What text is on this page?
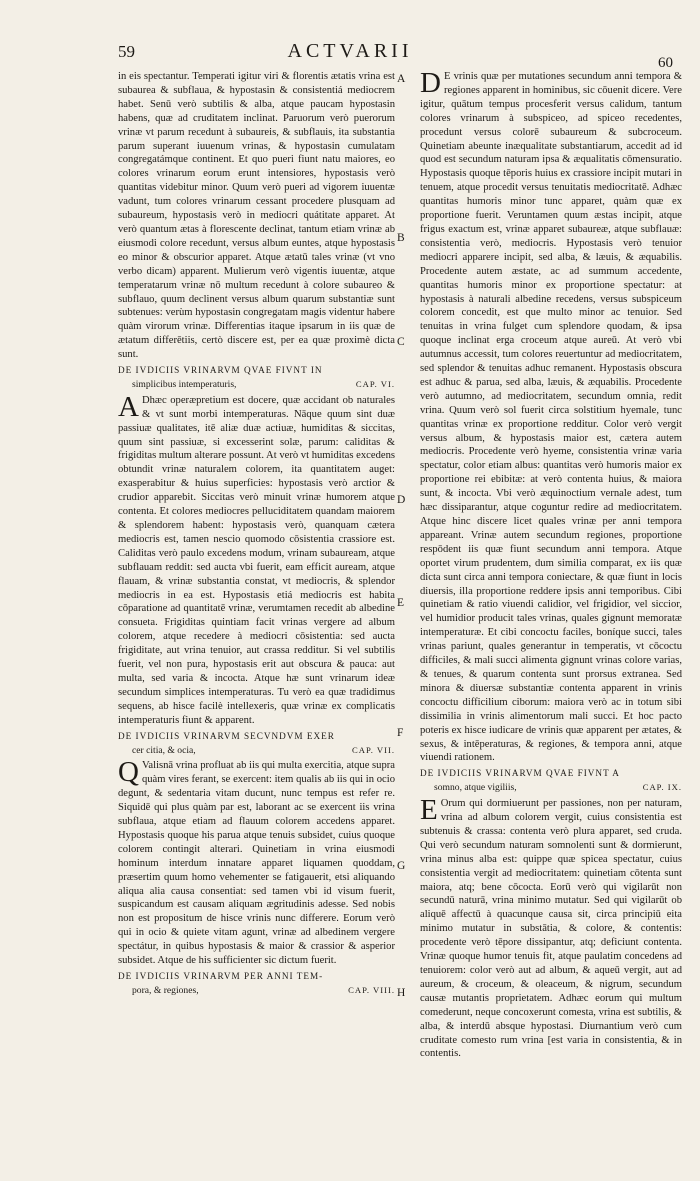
59	ACTVARII
60
A
B
C
D
E
F
G
H

in eis spectantur. Temperati igitur viri & florentis ætatis vrina est subaurea & subflaua, & hypostasin & consistentiá mediocrem habet. Senū verò subtilis & alba, atque paucam hypostasin habens, quæ ad cruditatem inclinat. Paruorum verò puerorum vrinæ vt parum recedunt à subaureis, & subflauis, ita substantia parum superant iuuenum vrinas, & hypostasin cumulatam congregatámque continent. Et quo pueri fiunt natu maiores, eo colores vrinarum eorum erunt intensiores, hypostasis verò quantitas videbitur minor. Quum verò pueri ad vigorem iuuentæ vadunt, tum colores vrinarum cessant procedere plusquam ad subaureum, hypostasis verò in mediocri quátitate apparet. At verò quantum ætas à florescente declinat, tantum etiam vrinæ ab eiusmodi colore recedunt, versus album euntes, atque hypostasis eo minor & obscurior apparet. Atque ætatū tales vrinæ (vt vno verbo dicam) apparent. Mulierum verò vigentis iuuentæ, atque temperatarum vrinæ nō multum recedunt à colore subaureo & subflauo, quum declinent versus album quarum substantiæ sunt subtenues: verùm hypostasin congregatam magis videntur habere quàm virorum vrinæ. Differentias itaque ipsarum in iis quæ de ætatum differētiis, certò discere est, per ea quæ proximè dicta sunt.

DE IVDICIIS VRINARVM QVAE FIVNT IN
simplicibus intemperaturis,	CAP. VI.

A Dhæc operæpretium est docere, quæ accidant ob naturales & vt sunt morbi intemperaturas. Nāque quum sint duæ passiuæ qualitates, itē aliæ duæ actiuæ, humiditas & siccitas, quum sint passiuæ, si excesserint solæ, parum: caliditas & frigiditas multum alterare possunt. At verò vt humiditas excedens obtundit vrinæ naturalem colorem, ita quantitatem auget: exasperabitur & huius superficies: hypostasis verò arctior & crudior apparebit. Siccitas verò minuit vrinæ humorem atque contenta. Et colores mediocres pelluciditatem quandam maiorem & splendorem habent: hypostasis verò, quanquam cætera mediocris est, tamen nescio quomodo cōsistentia crassiore est. Caliditas verò paulo excedens modum, vrinam subauream, atque subflauam reddit: sed aucta vbi fuerit, eam efficit auream, atque flauam, & vrinæ substantia constat, vt mediocris, & splendor mediocris in ea est. Hypostasis etiá mediocris est habita cōparatione ad quantitatē vrinæ, verumtamen recedit ab albedine consueta. Frigiditas quintiam facit vrinas vergere ad album colorem, atque recedere à mediocri cōsistentia: sed aucta frigiditate, aut vrina tenuior, aut crassa redditur. Si vel subtilis fuerit, vel non pura, hypostasis erit aut obscura & pauca: aut multa, sed varia & incocta. Atque hæ sunt vrinarum ideæ secundum simplices intemperaturas. Tu verò ea quæ tradidimus sequens, ab hisce facilè intellexeris, quæ vrinæ ex complicatis intemperaturis fiunt & apparent.

DE IVDICIIS VRINARVM SECVNDVM EXER
cer citia, & ocia,	CAP. VII.

Q Valisnā vrina profluat ab iis qui multa exercitia, atque supra quàm vires ferant, se exercent: item qualis ab iis qui in ocio degunt, & sedentaria vitam ducunt, nunc tempus est refer re. Siquidē qui plus quàm par est, laborant ac se exercent iis vrina subflaua, atque etiam ad flauum colorem accedens apparet. Hypostasis quoque his parua atque tenuis subsidet, cuius quoque colorem contingit alterari. Quinetiam in vrina eiusmodi hominum interdum innatare apparet liquamen quoddam, præsertim quum homo vehementer se fatigauerit, etsi aliquando aliqua alia causa consentiat: sed tamen vbi id visum fuerit, suspicandum est causam aliquam ægritudinis adesse. Sed nobis non est propositum de hisce vrinis nunc differere. Eorum verò qui in ocio & quiete vitam agunt, vrinæ ad albedinem vergere spectátur, in quibus hypostasis & maior & crassior & asperior subsidet. Atque de his sufficienter sic dictum fuerit.

DE IVDICIIS VRINARVM PER ANNI TEM-
pora, & regiones,	CAP. VIII.

D E vrinis quæ per mutationes secundum anni tempora & regiones apparent in hominibus, sic cōuenit dicere. Vere igitur, quātum tempus procesferit versus calidum, tantum colores vrinarum à subspiceo, ad spiceo recedentes, procedunt versus colorē subaureum & subcroceum. Quinetiam abeunte inæqualitate substantiarum, accedit ad id quod est secundum naturam ipsa & æqualitatis cōmensuratio. Hypostasis quoque tēporis huius ex crassiore incipit mutari in tenuem, atque procedit versus tenuitatis mediocritatē. Adhæc quantitas humoris minor tunc apparet, quàm quæ ex proportione fuerit. Veruntamen quum æstas incipit, atque frigus exactum est, vrinæ apparet subaureæ, atque subflauæ: consistentia verò, mediocris. Hypostasis verò tenuior mediocri apparere incipit, sed alba, & læuis, & æquabilis. Procedente autem æstate, ac ad summum accedente, quantitas humoris minor ex proportione spectatur: at hypostasis à naturali albedine recedens, versus subspiceum colorem concedit, est que multo minor ac tenuior. Sed tenuitas in vrina fulget cum splendore quodam, & ipsa quoque inclinat erga croceum atque aureū. At verò vbi autumnus accessit, tum colores reuertuntur ad mediocritatem, sed splendor & tenuitas adhuc remanent. Hypostasis obscura est adhuc & parua, sed alba, læuis, & æquabilis. Procedente verò autumno, ad mediocritatem, secundum omnia, redit vrina. Quum verò sol fuerit circa solstitium hyemale, tunc quantitas vrinæ ex proportione redditur. Color verò vergit versus album, & hypostasis maior est, cætera autem mediocris. Procedente verò hyeme, consistentia vrinæ varia spectatur, color etiam albus: quantitas verò humoris maior ex proportione rei ebibitæ: at verò contenta huius, & maiora sunt, & incocta. Vbi verò æquinoctium vernale adest, tum hæc dissiparantur, atque coguntur redire ad mediocritatem. Atque hinc discere licet quales vrinæ per anni tempora appareant. Vrinæ autem secundum regiones, proportione respōdent iis quæ fiunt secundum anni tempora. Atque oportet virum prudentem, dum similia comparat, ex iis quæ dicta sunt circa anni tempora coniectare, & quæ fiunt in locis diuersis, illa proportione reddere ipsis anni temporibus. Cibi quinetiam & ratio viuendi calidior, vel frigidior, vel siccior, vel humidior producit tales vrinas, quales gignunt memoratæ intemperaturæ. Et cibi concoctu faciles, boníque succi, tales vrinas pariunt, quales generantur in temperatis, vt cōcoctu difficiles, & mali succi alimenta gignunt vrinas colore varias, & tenues, & quarum contenta sunt prorsus extranea. Sed minora & diuersæ substantiæ contenta apparent in vrinis concoctu difficilium ciborum: maiora verò ac in totum sibi dissimilia in vrinis alimentorum mali succi. Et hoc pacto poteris ex hisce iudicare de vrinis quæ apparent per ætates, & sexus, & intēperaturas, & regiones, & tempora anni, atque viuendi rationem.

DE IVDICIIS VRINARVM QVAE FIVNT A
somno, atque vigiliis,	CAP. IX.

E Orum qui dormiuerunt per passiones, non per naturam, vrina ad album colorem vergit, cuius consistentia est subtenuis & crassa: contenta verò plura apparet, sed cruda. Qui verò secundum naturam somnolenti sunt & dormierunt, vrina minus alba est: quippe quæ spicea spectatur, cuius consistentia vergit ad mediocritatem: quinetiam cōtenta sunt maiora, atq; bene cōcocta. Eorū verò qui vigilarūt non secundū naturā, vrina minimo mutatur. Sed qui vigilarūt ob aliquē affectū à quacunque causa sit, circa principiū eita minimo mutatur in substātia, & colore, & contentis: procedente verò tēpore dissipantur, atq; deficiunt contenta. Vrinæ quoque humor tenuis fit, atque paulatim concedens ad tenuiorem: color verò aut ad album, & aqueū vergit, aut ad aureum, & croceum, & oleaceum, & nigrum, secundum causæ mutantis proprietatem. Adhæc eorum qui multum comederunt, neque concoxerunt comesta, vrina est subtilis, & alba, & interdū absque hypostasi. Diurnantium verò cum cruditate comesto rum vrina [est varia in consistentia, & in contentis.
